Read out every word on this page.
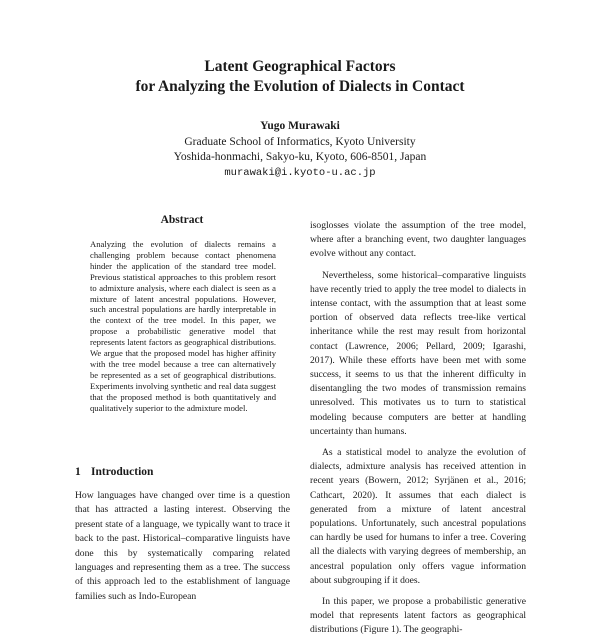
Latent Geographical Factors
for Analyzing the Evolution of Dialects in Contact
Yugo Murawaki
Graduate School of Informatics, Kyoto University
Yoshida-honmachi, Sakyo-ku, Kyoto, 606-8501, Japan
murawaki@i.kyoto-u.ac.jp
Abstract
Analyzing the evolution of dialects remains a challenging problem because contact phenomena hinder the application of the standard tree model. Previous statistical approaches to this problem resort to admixture analysis, where each dialect is seen as a mixture of latent ancestral populations. However, such ancestral populations are hardly interpretable in the context of the tree model. In this paper, we propose a probabilistic generative model that represents latent factors as geographical distributions. We argue that the proposed model has higher affinity with the tree model because a tree can alternatively be represented as a set of geographical distributions. Experiments involving synthetic and real data suggest that the proposed method is both quantitatively and qualitatively superior to the admixture model.
1 Introduction

How languages have changed over time is a question that has attracted a lasting interest. Observing the present state of a language, we typically want to trace it back to the past. Historical–comparative linguists have done this by systematically comparing related languages and representing them as a tree. The success of this approach led to the establishment of language families such as Indo-European

isoglosses violate the assumption of the tree model, where after a branching event, two daughter languages evolve without any contact.

Nevertheless, some historical–comparative linguists have recently tried to apply the tree model to dialects in intense contact, with the assumption that at least some portion of observed data reflects tree-like vertical inheritance while the rest may result from horizontal contact (Lawrence, 2006; Pellard, 2009; Igarashi, 2017). While these efforts have been met with some success, it seems to us that the inherent difficulty in disentangling the two modes of transmission remains unresolved. This motivates us to turn to statistical modeling because computers are better at handling uncertainty than humans.

As a statistical model to analyze the evolution of dialects, admixture analysis has received attention in recent years (Bowern, 2012; Syrjänen et al., 2016; Cathcart, 2020). It assumes that each dialect is generated from a mixture of latent ancestral populations. Unfortunately, such ancestral populations can hardly be used for humans to infer a tree. Covering all the dialects with varying degrees of membership, an ancestral population only offers vague information about subgrouping if it does.

In this paper, we propose a probabilistic generative model that represents latent factors as geographical distributions (Figure 1). The geographi-
